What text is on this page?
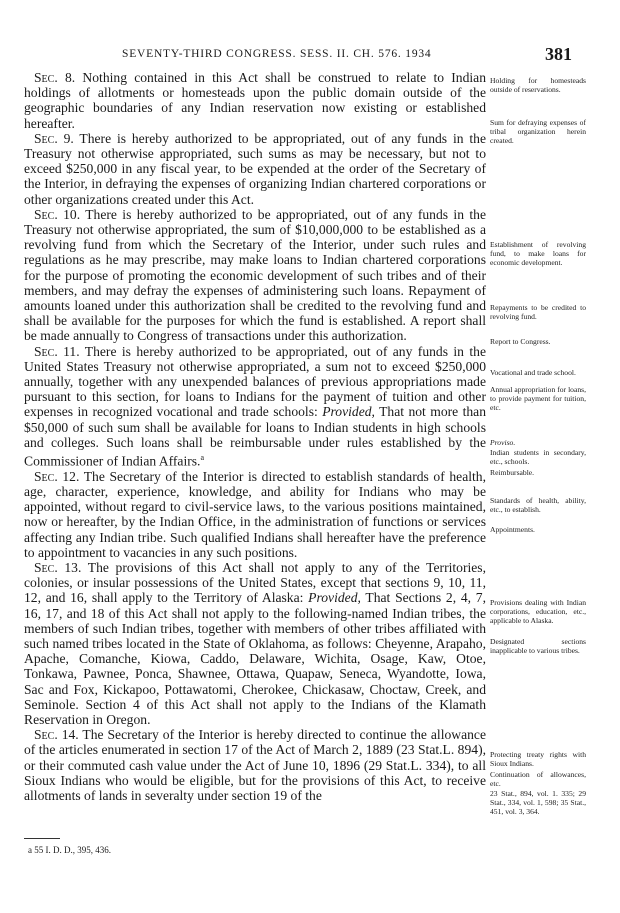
SEVENTY-THIRD CONGRESS. SESS. II. CH. 576. 1934	381

Sec. 8. Nothing contained in this Act shall be construed to relate to Indian holdings of allotments or homesteads upon the public domain outside of the geographic boundaries of any Indian reservation now existing or established hereafter.

Sec. 9. There is hereby authorized to be appropriated, out of any funds in the Treasury not otherwise appropriated, such sums as may be necessary, but not to exceed $250,000 in any fiscal year, to be expended at the order of the Secretary of the Interior, in defraying the expenses of organizing Indian chartered corporations or other organizations created under this Act.

Sec. 10. There is hereby authorized to be appropriated, out of any funds in the Treasury not otherwise appropriated, the sum of $10,000,000 to be established as a revolving fund from which the Secretary of the Interior, under such rules and regulations as he may prescribe, may make loans to Indian chartered corporations for the purpose of promoting the economic development of such tribes and of their members, and may defray the expenses of administering such loans. Repayment of amounts loaned under this authorization shall be credited to the revolving fund and shall be available for the purposes for which the fund is established. A report shall be made annually to Congress of transactions under this authorization.

Sec. 11. There is hereby authorized to be appropriated, out of any funds in the United States Treasury not otherwise appropriated, a sum not to exceed $250,000 annually, together with any unexpended balances of previous appropriations made pursuant to this section, for loans to Indians for the payment of tuition and other expenses in recognized vocational and trade schools: Provided, That not more than $50,000 of such sum shall be available for loans to Indian students in high schools and colleges. Such loans shall be reimbursable under rules established by the Commissioner of Indian Affairs.$^a$

Sec. 12. The Secretary of the Interior is directed to establish standards of health, age, character, experience, knowledge, and ability for Indians who may be appointed, without regard to civil-service laws, to the various positions maintained, now or hereafter, by the Indian Office, in the administration of functions or services affecting any Indian tribe. Such qualified Indians shall hereafter have the preference to appointment to vacancies in any such positions.

Sec. 13. The provisions of this Act shall not apply to any of the Territories, colonies, or insular possessions of the United States, except that sections 9, 10, 11, 12, and 16, shall apply to the Territory of Alaska: Provided, That Sections 2, 4, 7, 16, 17, and 18 of this Act shall not apply to the following-named Indian tribes, the members of such Indian tribes, together with members of other tribes affiliated with such named tribes located in the State of Oklahoma, as follows: Cheyenne, Arapaho, Apache, Comanche, Kiowa, Caddo, Delaware, Wichita, Osage, Kaw, Otoe, Tonkawa, Pawnee, Ponca, Shawnee, Ottawa, Quapaw, Seneca, Wyandotte, Iowa, Sac and Fox, Kickapoo, Pottawatomi, Cherokee, Chickasaw, Choctaw, Creek, and Seminole. Section 4 of this Act shall not apply to the Indians of the Klamath Reservation in Oregon.

Sec. 14. The Secretary of the Interior is hereby directed to continue the allowance of the articles enumerated in section 17 of the Act of March 2, 1889 (23 Stat.L. 894), or their commuted cash value under the Act of June 10, 1896 (29 Stat.L. 334), to all Sioux Indians who would be eligible, but for the provisions of this Act, to receive allotments of lands in severalty under section 19 of the

Holding for homesteads outside of reservations.
Sum for defraying expenses of tribal organization herein created.
Establishment of revolving fund, to make loans for economic development.
Repayments to be credited to revolving fund.
Report to Congress.
Vocational and trade school.
Annual appropriation for loans, to provide payment for tuition, etc.
Proviso.
Indian students in secondary, etc., schools.
Reimbursable.
Standards of health, ability, etc., to establish.
Appointments.
Provisions dealing with Indian corporations, education, etc., applicable to Alaska.
Designated sections inapplicable to various tribes.
Protecting treaty rights with Sioux Indians.
Continuation of allowances, etc.
23 Stat., 894, vol. 1. 335; 29 Stat., 334, vol. 1, 598; 35 Stat., 451, vol. 3, 364.
a 55 I. D. D., 395, 436.
